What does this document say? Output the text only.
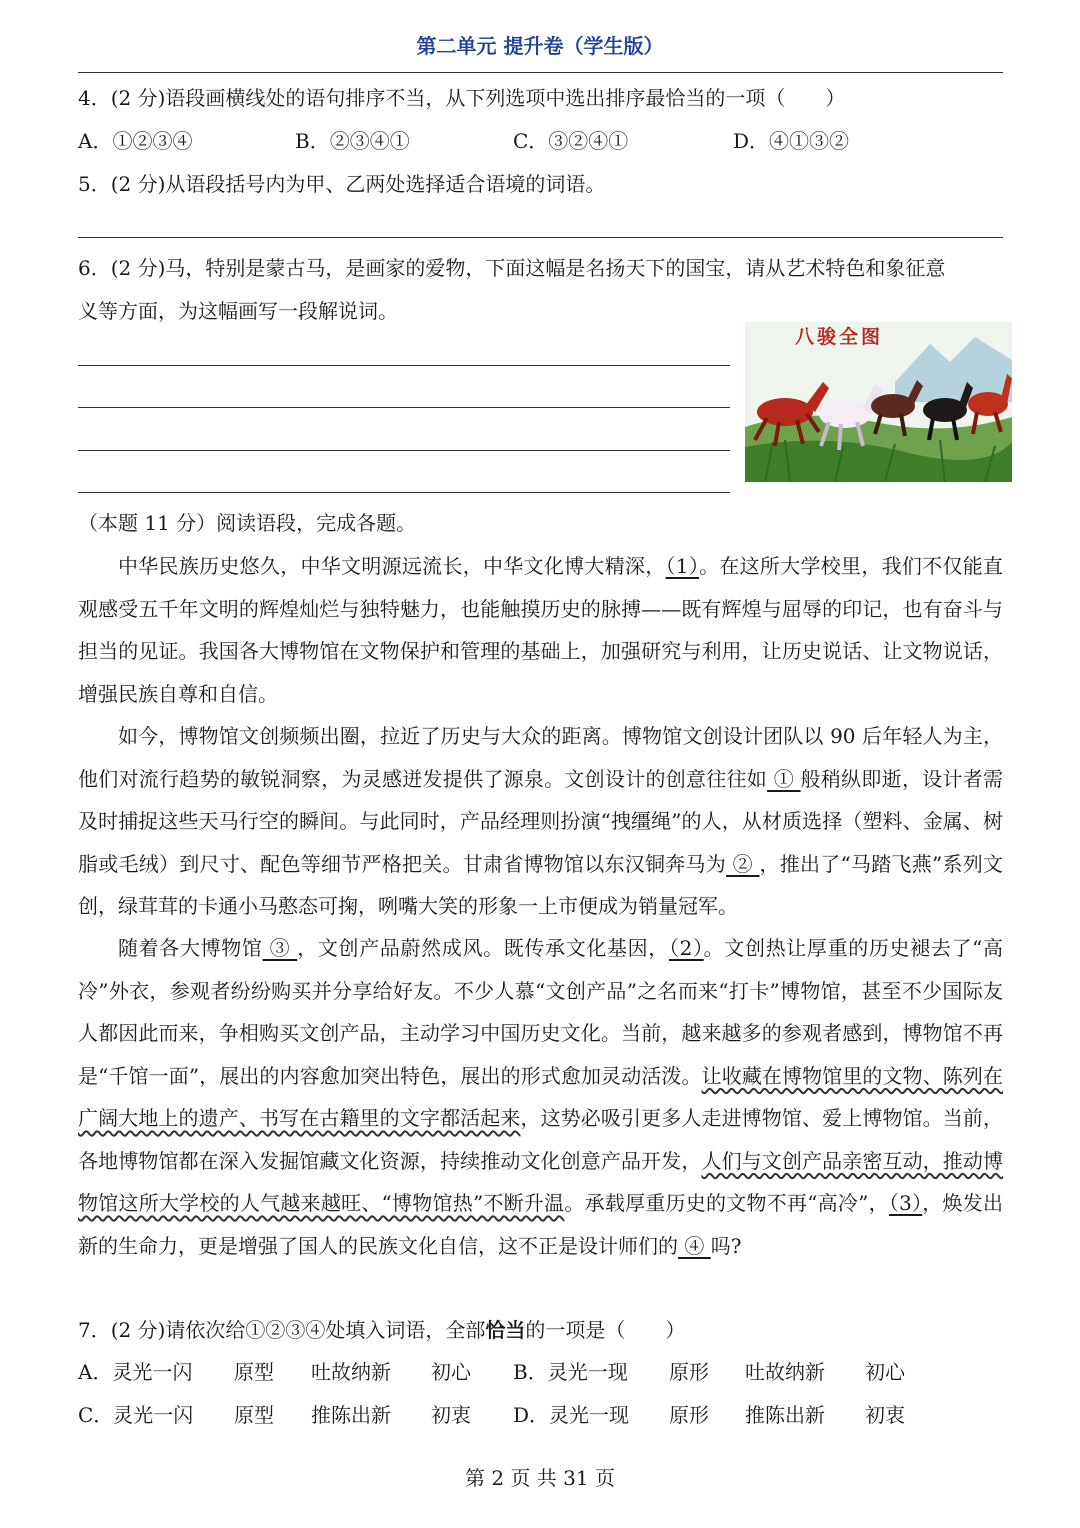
第二单元 提升卷（学生版）
4．(2 分)语段画横线处的语句排序不当，从下列选项中选出排序最恰当的一项（　　）
A．①②③④	B．②③④①	C．③②④①	D．④①③②
5．(2 分)从语段括号内为甲、乙两处选择适合语境的词语。
6．(2 分)马，特别是蒙古马，是画家的爱物，下面这幅是名扬天下的国宝，请从艺术特色和象征意
义等方面，为这幅画写一段解说词。
八骏全图
（本题 11 分）阅读语段，完成各题。
中华民族历史悠久，中华文明源远流长，中华文化博大精深，（1）。在这所大学校里，我们不仅能直观感受五千年文明的辉煌灿烂与独特魅力，也能触摸历史的脉搏——既有辉煌与屈辱的印记，也有奋斗与担当的见证。我国各大博物馆在文物保护和管理的基础上，加强研究与利用，让历史说话、让文物说话，增强民族自尊和自信。
如今，博物馆文创频频出圈，拉近了历史与大众的距离。博物馆文创设计团队以 90 后年轻人为主，他们对流行趋势的敏锐洞察，为灵感迸发提供了源泉。文创设计的创意往往如 ① 般稍纵即逝，设计者需及时捕捉这些天马行空的瞬间。与此同时，产品经理则扮演“拽缰绳”的人，从材质选择（塑料、金属、树脂或毛绒）到尺寸、配色等细节严格把关。甘肃省博物馆以东汉铜奔马为 ② ，推出了“马踏飞燕”系列文创，绿茸茸的卡通小马憨态可掬，咧嘴大笑的形象一上市便成为销量冠军。
随着各大博物馆 ③ ，文创产品蔚然成风。既传承文化基因，（2）。文创热让厚重的历史褪去了“高冷”外衣，参观者纷纷购买并分享给好友。不少人慕“文创产品”之名而来“打卡”博物馆，甚至不少国际友人都因此而来，争相购买文创产品，主动学习中国历史文化。当前，越来越多的参观者感到，博物馆不再是“千馆一面”，展出的内容愈加突出特色，展出的形式愈加灵动活泼。让收藏在博物馆里的文物、陈列在广阔大地上的遗产、书写在古籍里的文字都活起来，这势必吸引更多人走进博物馆、爱上博物馆。当前，各地博物馆都在深入发掘馆藏文化资源，持续推动文化创意产品开发，人们与文创产品亲密互动，推动博物馆这所大学校的人气越来越旺、“博物馆热”不断升温。承载厚重历史的文物不再“高冷”，（3），焕发出新的生命力，更是增强了国人的民族文化自信，这不正是设计师们的 ④ 吗?
7．(2 分)请依次给①②③④处填入词语，全部恰当的一项是（　　）
A．灵光一闪 原型 吐故纳新 初心 B．灵光一现 原形 吐故纳新 初心
C．灵光一闪 原型 推陈出新 初衷 D．灵光一现 原形 推陈出新 初衷
第 2 页 共 31 页
